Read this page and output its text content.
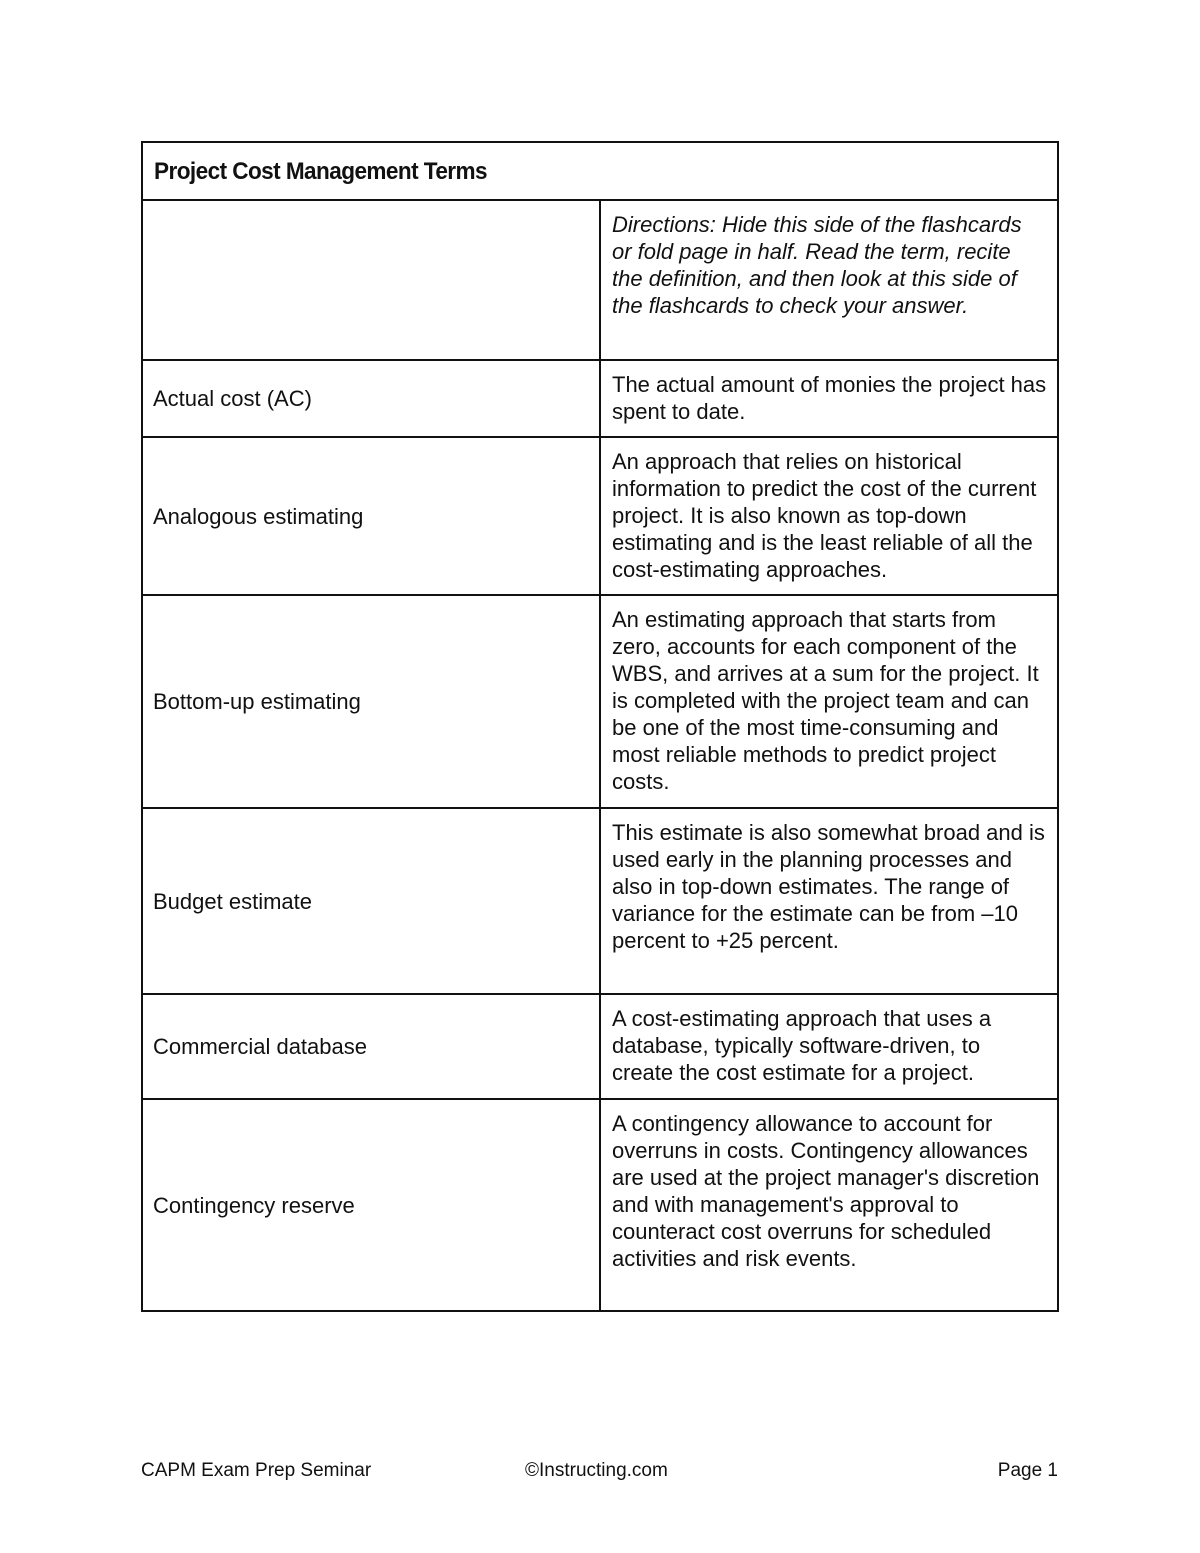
Project Cost Management Terms	
	Directions: Hide this side of the flashcards or fold page in half. Read the term, recite the definition, and then look at this side of the flashcards to check your answer.
Actual cost (AC)	The actual amount of monies the project has spent to date.
Analogous estimating	An approach that relies on historical information to predict the cost of the current project. It is also known as top-down estimating and is the least reliable of all the cost-estimating approaches.
Bottom-up estimating	An estimating approach that starts from zero, accounts for each component of the WBS, and arrives at a sum for the project. It is completed with the project team and can be one of the most time-consuming and most reliable methods to predict project costs.
Budget estimate	This estimate is also somewhat broad and is used early in the planning processes and also in top-down estimates. The range of variance for the estimate can be from –10 percent to +25 percent.
Commercial database	A cost-estimating approach that uses a database, typically software-driven, to create the cost estimate for a project.
Contingency reserve	A contingency allowance to account for overruns in costs. Contingency allowances are used at the project manager's discretion and with management's approval to counteract cost overruns for scheduled activities and risk events.
CAPM Exam Prep Seminar	©Instructing.com	Page 1
